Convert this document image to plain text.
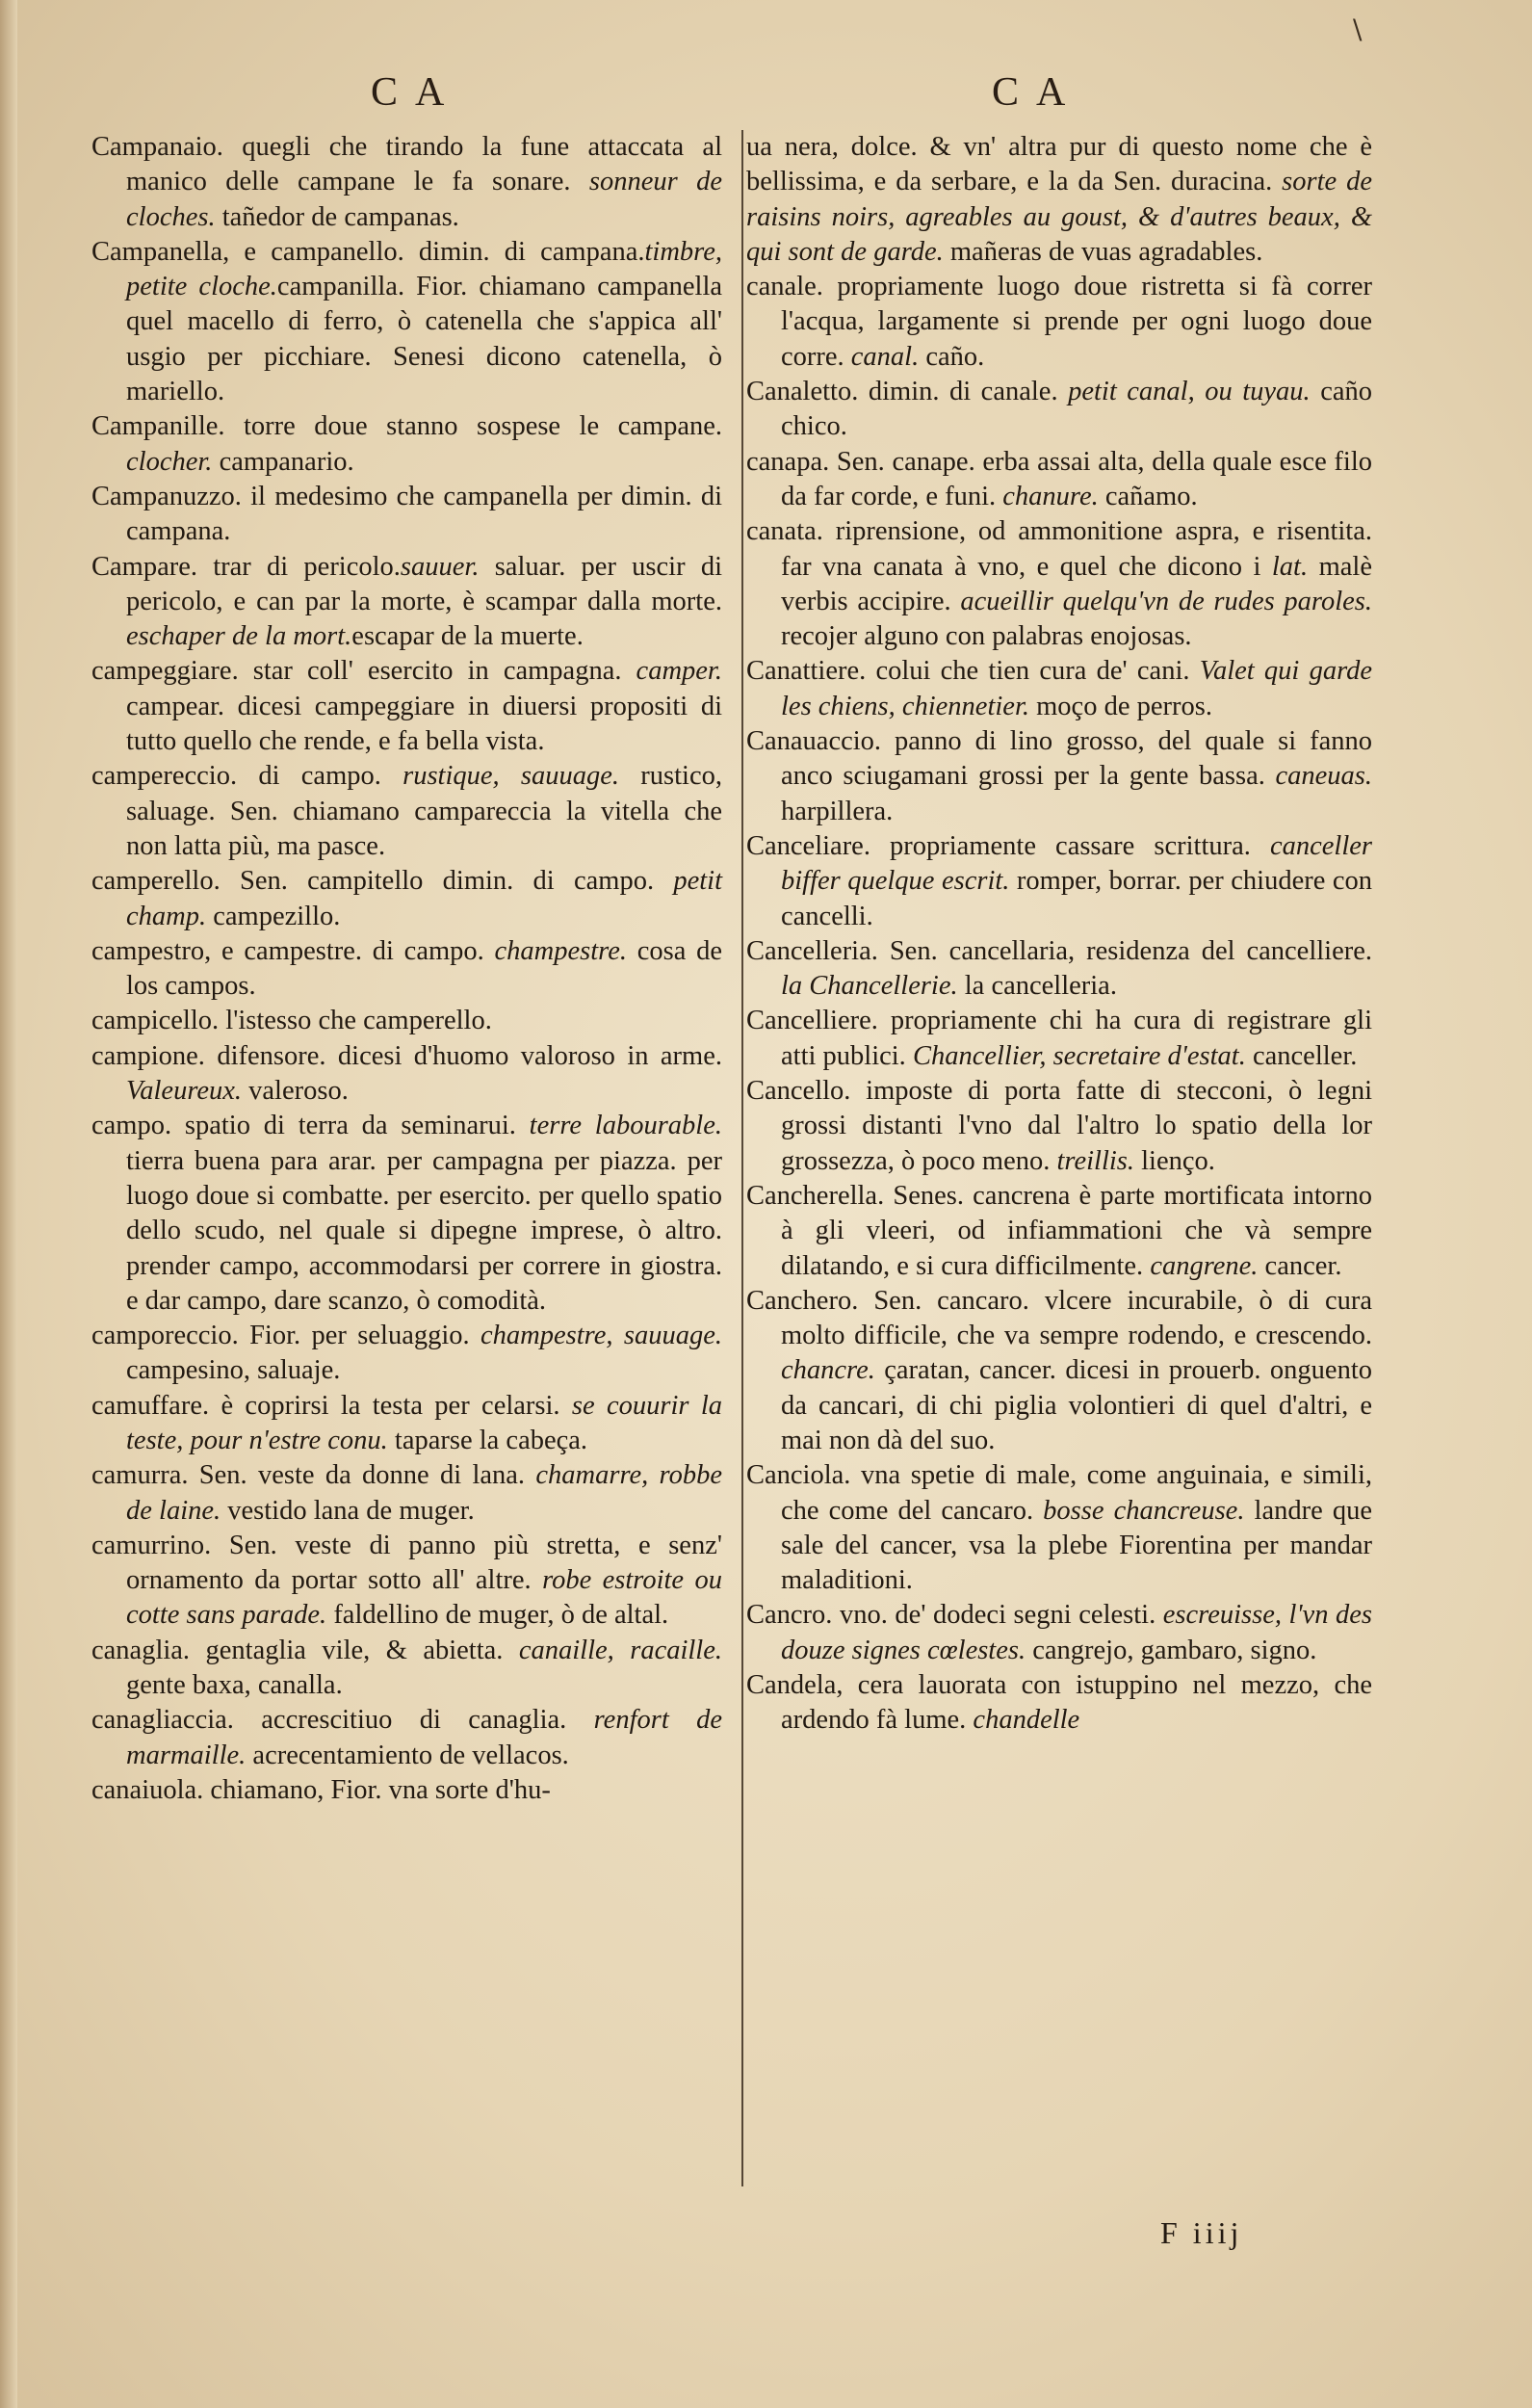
\
CA	CA

Campanaio. quegli che tirando la fune attaccata al manico delle campane le fa sonare. sonneur de cloches. tañedor de campanas.

Campanella, e campanello. dimin. di campana.timbre, petite cloche.campanilla. Fior. chiamano campanella quel macello di ferro, ò catenella che s'appica all' usgio per picchiare. Senesi dicono catenella, ò mariello.

Campanille. torre doue stanno sospese le campane. clocher. campanario.

Campanuzzo. il medesimo che campanella per dimin. di campana.

Campare. trar di pericolo.sauuer. saluar. per uscir di pericolo, e can par la morte, è scampar dalla morte. eschaper de la mort.escapar de la muerte.

campeggiare. star coll' esercito in campagna. camper. campear. dicesi campeggiare in diuersi propositi di tutto quello che rende, e fa bella vista.

campereccio. di campo. rustique, sauuage. rustico, saluage. Sen. chiamano campareccia la vitella che non latta più, ma pasce.

camperello. Sen. campitello dimin. di campo. petit champ. campezillo.

campestro, e campestre. di campo. champestre. cosa de los campos.

campicello. l'istesso che camperello.

campione. difensore. dicesi d'huomo valoroso in arme. Valeureux. valeroso.

campo. spatio di terra da seminarui. terre labourable. tierra buena para arar. per campagna per piazza. per luogo doue si combatte. per esercito. per quello spatio dello scudo, nel quale si dipegne imprese, ò altro. prender campo, accommodarsi per correre in giostra. e dar campo, dare scanzo, ò comodità.

camporeccio. Fior. per seluaggio. champestre, sauuage. campesino, saluaje.

camuffare. è coprirsi la testa per celarsi. se couurir la teste, pour n'estre conu. taparse la cabeça.

camurra. Sen. veste da donne di lana. chamarre, robbe de laine. vestido lana de muger.

camurrino. Sen. veste di panno più stretta, e senz' ornamento da portar sotto all' altre. robe estroite ou cotte sans parade. faldellino de muger, ò de altal.

canaglia. gentaglia vile, & abietta. canaille, racaille. gente baxa, canalla.

canagliaccia. accrescitiuo di canaglia. renfort de marmaille. acrecentamiento de vellacos.

canaiuola. chiamano, Fior. vna sorte d'hu-

ua nera, dolce. & vn' altra pur di questo nome che è bellissima, e da serbare, e la da Sen. duracina. sorte de raisins noirs, agreables au goust, & d'autres beaux, & qui sont de garde. mañeras de vuas agradables.

canale. propriamente luogo doue ristretta si fà correr l'acqua, largamente si prende per ogni luogo doue corre. canal. caño.

Canaletto. dimin. di canale. petit canal, ou tuyau. caño chico.

canapa. Sen. canape. erba assai alta, della quale esce filo da far corde, e funi. chanure. cañamo.

canata. riprensione, od ammonitione aspra, e risentita. far vna canata à vno, e quel che dicono i lat. malè verbis accipire. acueillir quelqu'vn de rudes paroles. recojer alguno con palabras enojosas.

Canattiere. colui che tien cura de' cani. Valet qui garde les chiens, chiennetier. moço de perros.

Canauaccio. panno di lino grosso, del quale si fanno anco sciugamani grossi per la gente bassa. caneuas. harpillera.

Canceliare. propriamente cassare scrittura. canceller biffer quelque escrit. romper, borrar. per chiudere con cancelli.

Cancelleria. Sen. cancellaria, residenza del cancelliere. la Chancellerie. la cancelleria.

Cancelliere. propriamente chi ha cura di registrare gli atti publici. Chancellier, secretaire d'estat. canceller.

Cancello. imposte di porta fatte di stecconi, ò legni grossi distanti l'vno dal l'altro lo spatio della lor grossezza, ò poco meno. treillis. lienço.

Cancherella. Senes. cancrena è parte mortificata intorno à gli vleeri, od infiammationi che và sempre dilatando, e si cura difficilmente. cangrene. cancer.

Canchero. Sen. cancaro. vlcere incurabile, ò di cura molto difficile, che va sempre rodendo, e crescendo. chancre. çaratan, cancer. dicesi in prouerb. onguento da cancari, di chi piglia volontieri di quel d'altri, e mai non dà del suo.

Canciola. vna spetie di male, come anguinaia, e simili, che come del cancaro. bosse chancreuse. landre que sale del cancer, vsa la plebe Fiorentina per mandar maladitioni.

Cancro. vno. de' dodeci segni celesti. escreuisse, l'vn des douze signes cœlestes. cangrejo, gambaro, signo.

Candela, cera lauorata con istuppino nel mezzo, che ardendo fà lume. chandelle

F iiij
